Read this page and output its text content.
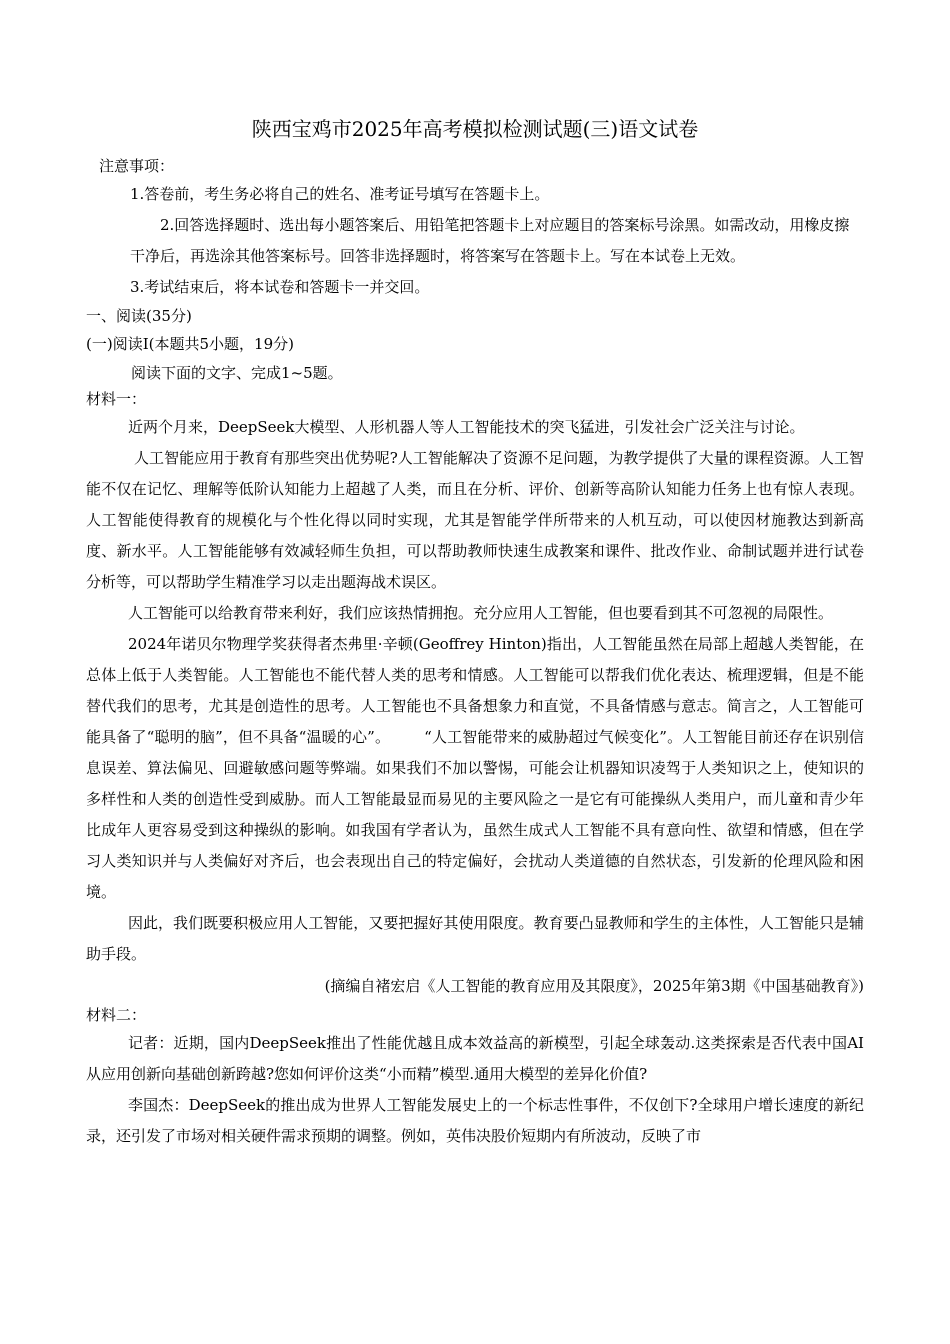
陕西宝鸡市2025年高考模拟检测试题(三)语文试卷

注意事项：

1.答卷前，考生务必将自己的姓名、准考证号填写在答题卡上。

2.回答选择题时、选出每小题答案后、用铅笔把答题卡上对应题目的答案标号涂黑。如需改动，用橡皮擦干净后，再选涂其他答案标号。回答非选择题时，将答案写在答题卡上。写在本试卷上无效。

3.考试结束后，将本试卷和答题卡一并交回。

一、阅读(35分)

(一)阅读Ⅰ(本题共5小题，19分)

阅读下面的文字、完成1~5题。

材料一：

近两个月来，DeepSeek大模型、人形机器人等人工智能技术的突飞猛进，引发社会广泛关注与讨论。

人工智能应用于教育有那些突出优势呢?人工智能解决了资源不足问题，为教学提供了大量的课程资源。人工智能不仅在记忆、理解等低阶认知能力上超越了人类，而且在分析、评价、创新等高阶认知能力任务上也有惊人表现。人工智能使得教育的规模化与个性化得以同时实现，尤其是智能学伴所带来的人机互动，可以使因材施教达到新高度、新水平。人工智能能够有效减轻师生负担，可以帮助教师快速生成教案和课件、批改作业、命制试题并进行试卷分析等，可以帮助学生精准学习以走出题海战术误区。

人工智能可以给教育带来利好，我们应该热情拥抱。充分应用人工智能，但也要看到其不可忽视的局限性。

2024年诺贝尔物理学奖获得者杰弗里·辛顿(Geoffrey Hinton)指出，人工智能虽然在局部上超越人类智能，在总体上低于人类智能。人工智能也不能代替人类的思考和情感。人工智能可以帮我们优化表达、梳理逻辑，但是不能替代我们的思考，尤其是创造性的思考。人工智能也不具备想象力和直觉，不具备情感与意志。简言之，人工智能可能具备了“聪明的脑”，但不具备“温暖的心”。 “人工智能带来的威胁超过气候变化”。人工智能目前还存在识别信息误差、算法偏见、回避敏感问题等弊端。如果我们不加以警惕，可能会让机器知识凌驾于人类知识之上，使知识的多样性和人类的创造性受到威胁。而人工智能最显而易见的主要风险之一是它有可能操纵人类用户，而儿童和青少年比成年人更容易受到这种操纵的影响。如我国有学者认为，虽然生成式人工智能不具有意向性、欲望和情感，但在学习人类知识并与人类偏好对齐后，也会表现出自己的特定偏好，会扰动人类道德的自然状态，引发新的伦理风险和困境。

因此，我们既要积极应用人工智能，又要把握好其使用限度。教育要凸显教师和学生的主体性，人工智能只是辅助手段。

(摘编自褚宏启《人工智能的教育应用及其限度》，2025年第3期《中国基础教育》)

材料二：

记者：近期，国内DeepSeek推出了性能优越且成本效益高的新模型，引起全球轰动.这类探索是否代表中国AI从应用创新向基础创新跨越?您如何评价这类“小而精”模型.通用大模型的差异化价值?

李国杰：DeepSeek的推出成为世界人工智能发展史上的一个标志性事件，不仅创下?全球用户增长速度的新纪录，还引发了市场对相关硬件需求预期的调整。例如，英伟决股价短期内有所波动，反映了市
